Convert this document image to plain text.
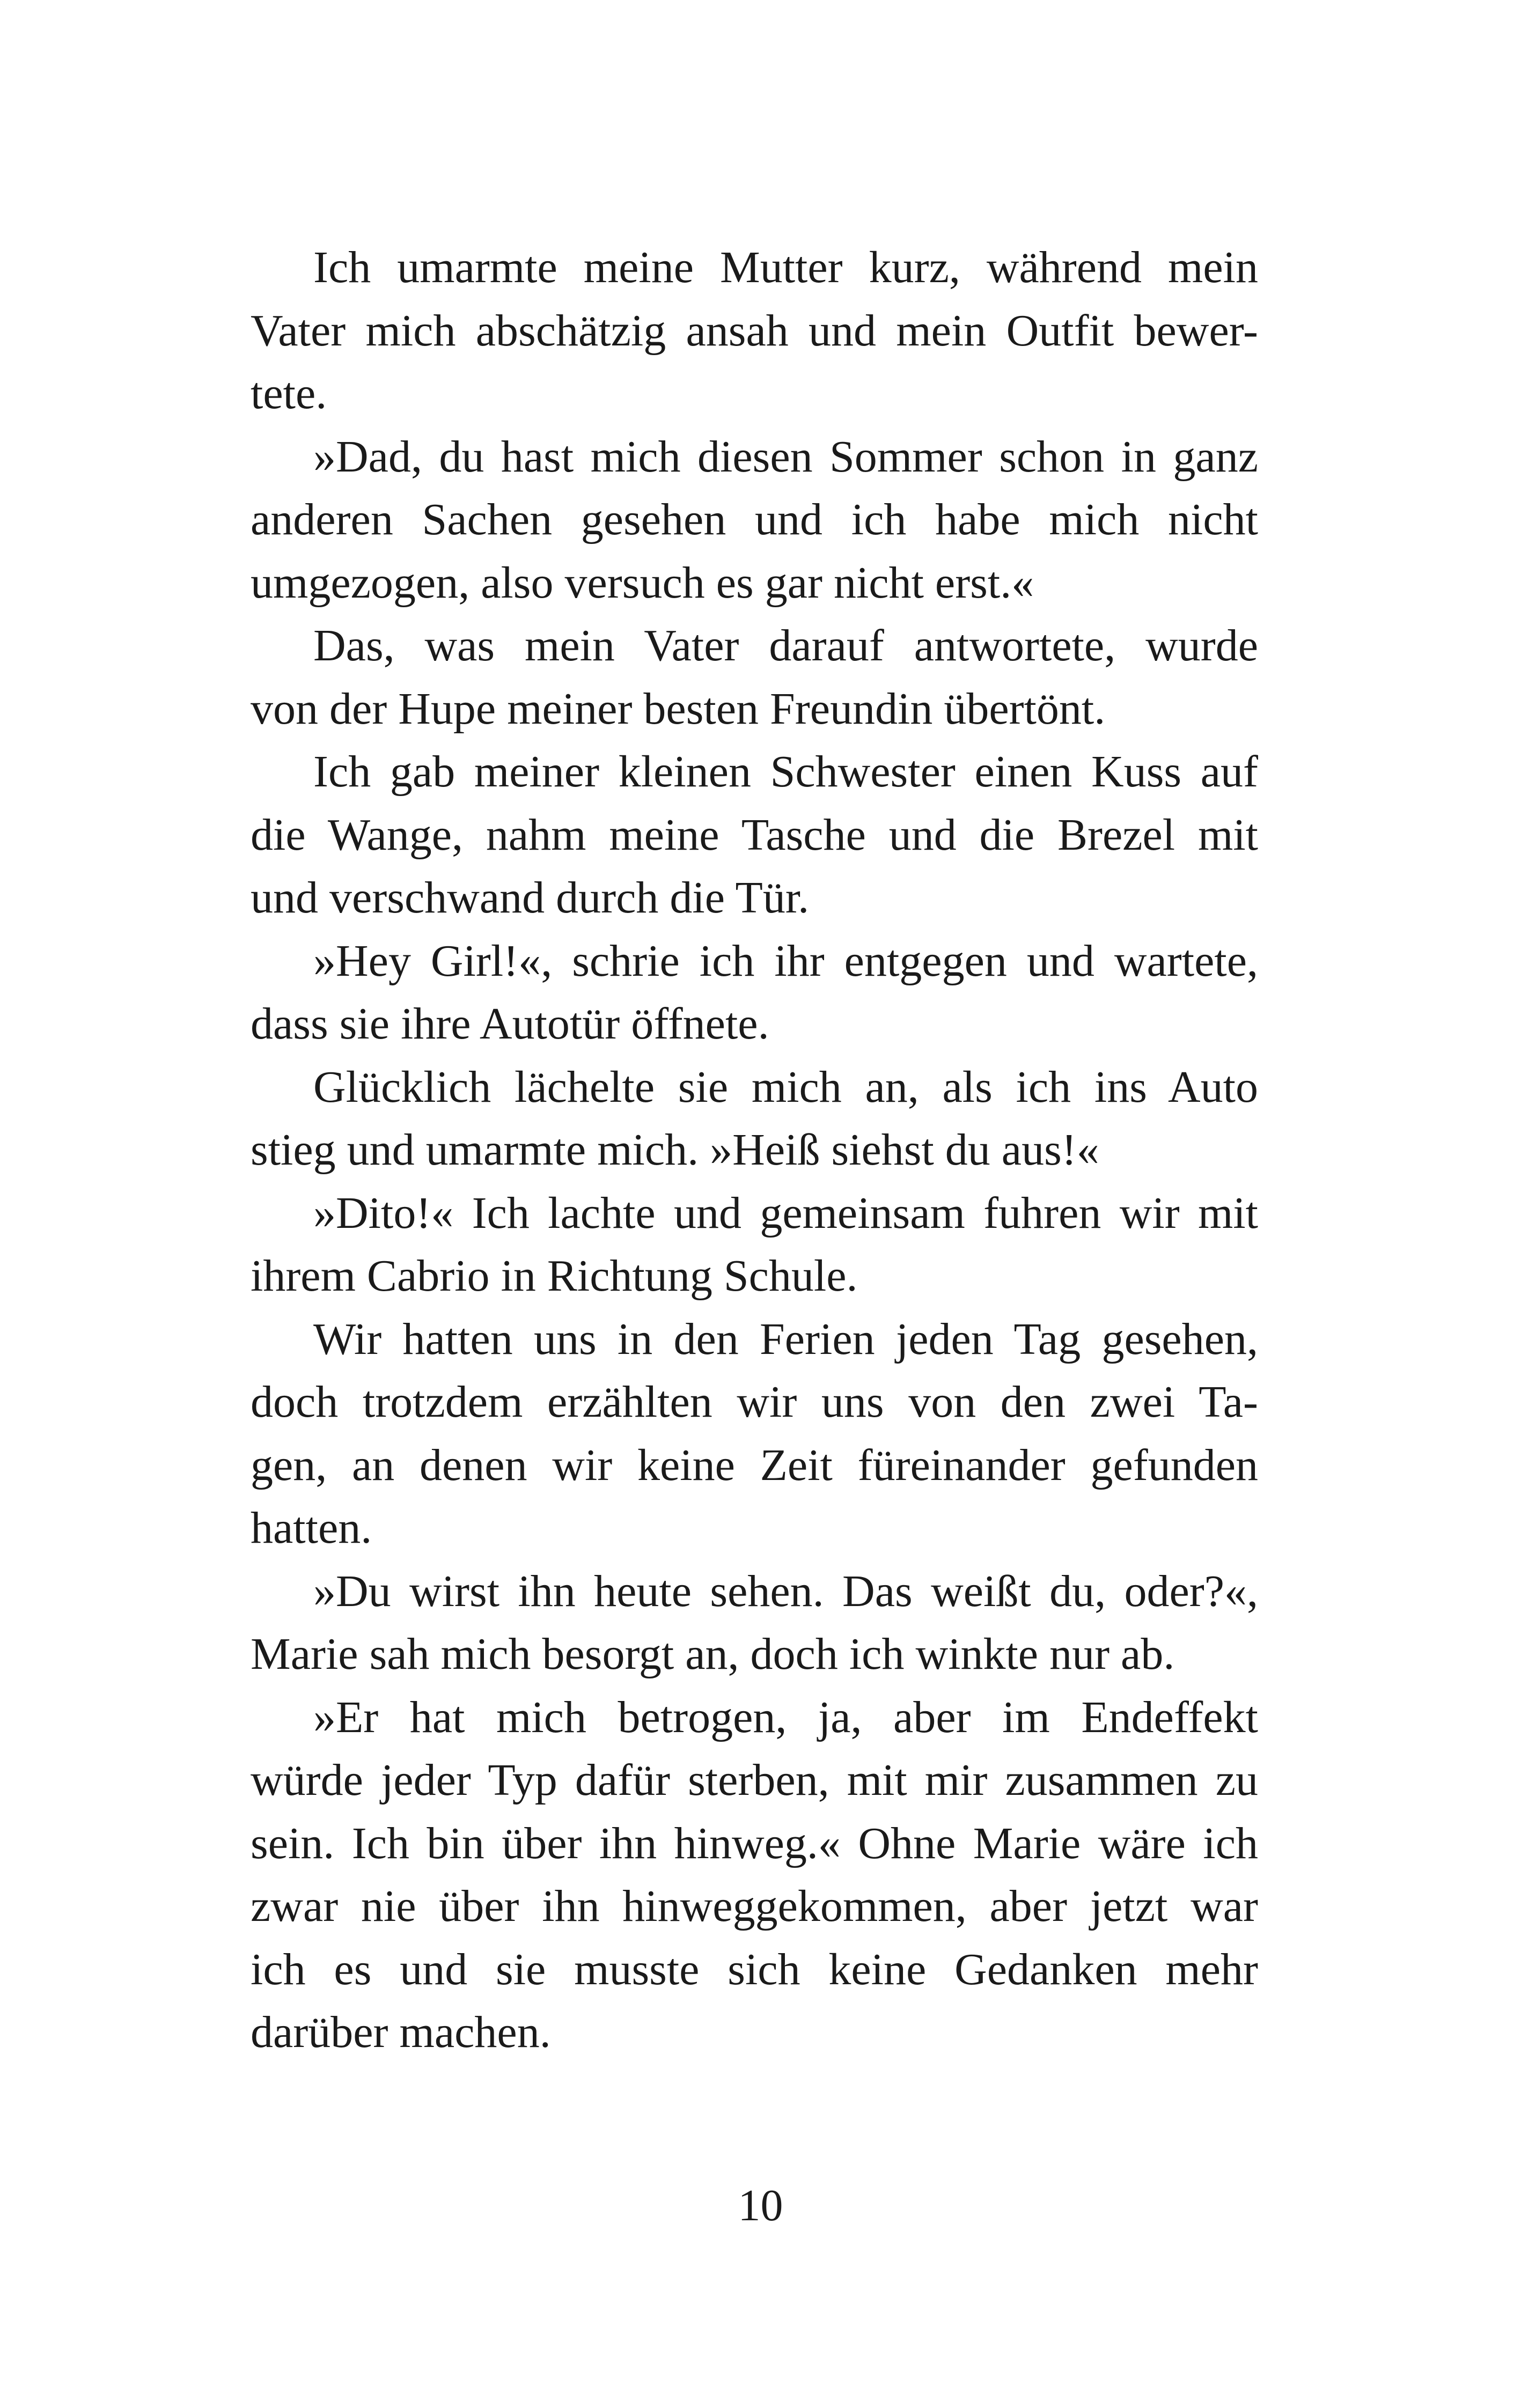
Ich umarmte meine Mutter kurz, während mein
Vater mich abschätzig ansah und mein Outfit bewer-
tete.
»Dad, du hast mich diesen Sommer schon in ganz
anderen Sachen gesehen und ich habe mich nicht
umgezogen, also versuch es gar nicht erst.«
Das, was mein Vater darauf antwortete, wurde
von der Hupe meiner besten Freundin übertönt.
Ich gab meiner kleinen Schwester einen Kuss auf
die Wange, nahm meine Tasche und die Brezel mit
und verschwand durch die Tür.
»Hey Girl!«, schrie ich ihr entgegen und wartete,
dass sie ihre Autotür öffnete.
Glücklich lächelte sie mich an, als ich ins Auto
stieg und umarmte mich. »Heiß siehst du aus!«
»Dito!« Ich lachte und gemeinsam fuhren wir mit
ihrem Cabrio in Richtung Schule.
Wir hatten uns in den Ferien jeden Tag gesehen,
doch trotzdem erzählten wir uns von den zwei Ta-
gen, an denen wir keine Zeit füreinander gefunden
hatten.
»Du wirst ihn heute sehen. Das weißt du, oder?«,
Marie sah mich besorgt an, doch ich winkte nur ab.
»Er hat mich betrogen, ja, aber im Endeffekt
würde jeder Typ dafür sterben, mit mir zusammen zu
sein. Ich bin über ihn hinweg.« Ohne Marie wäre ich
zwar nie über ihn hinweggekommen, aber jetzt war
ich es und sie musste sich keine Gedanken mehr
darüber machen.
10
